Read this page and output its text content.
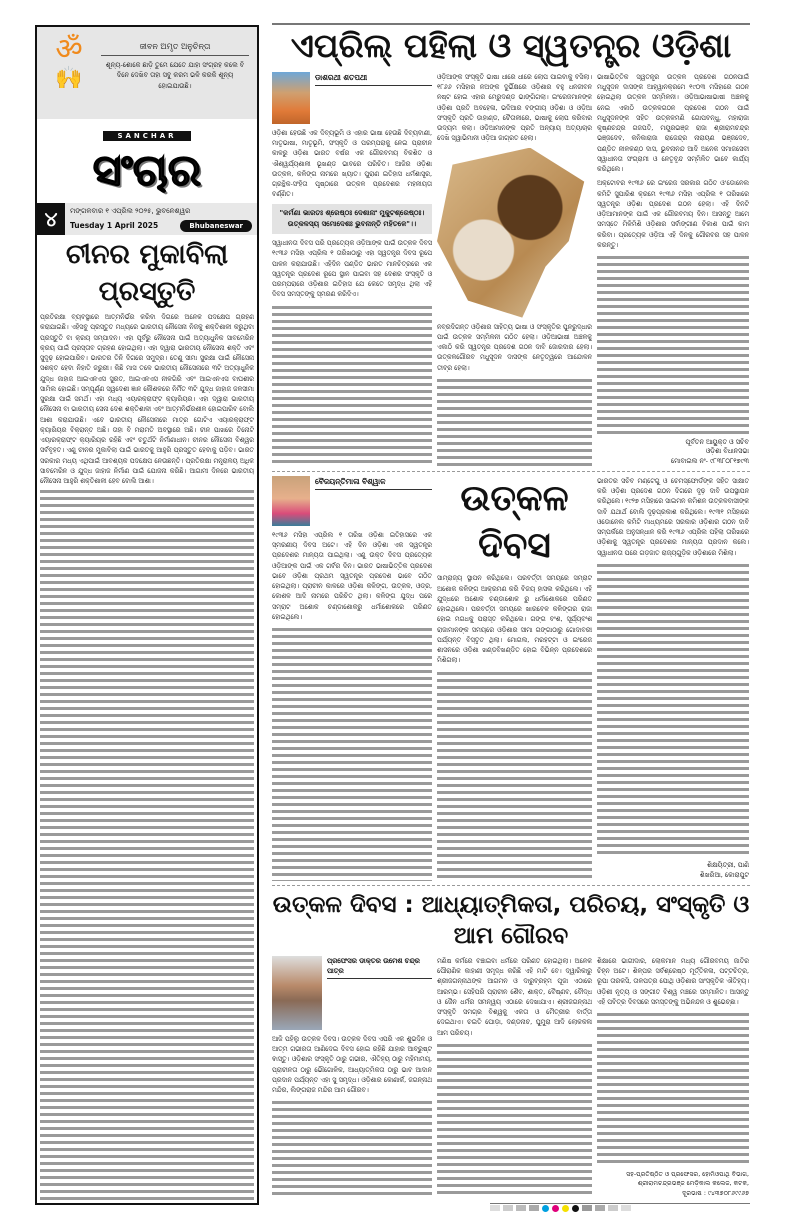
ॐ
🙌
ଜୀବନ ଅମୃତ ଅନୁଚିନ୍ତା
ଶୂନ୍ୟ-ଶୋକେ ଛାଡ଼ି ତୁମେ ଯେତେ ଯାହା ସଂଗ୍ରହ କଲେ ବି ଦିନେ ଦେଖିବ ତାହା ସବୁ କରମ ଭଳି କରକି ଶୂନ୍ୟ ହୋଇଯାଉଛି।
SANCHAR
ସଂଚାର
୪	ମଙ୍ଗଳବାର ୧ ଏପ୍ରିଲ ୨୦୨୫, ଭୁବନେଶ୍ୱର
Tuesday 1 April 2025	Bhubaneswar
ଚୀନର ମୁକାବିଲା ପ୍ରସ୍ତୁତି
ପ୍ରତିରକ୍ଷା ବ୍ୟବସ୍ଥାରେ ଆତ୍ମନିର୍ଭର କରିବା ଦିଗରେ ଅନେକ ପଦକ୍ଷେପ ଗ୍ରହଣ କରାଯାଇଛି। ଏହିସବୁ ପ୍ରସ୍ତୁତ ମଧ୍ୟରେ ଭାରତୀୟ ନୌସେନା ନିଜକୁ ଶକ୍ତିଶାଳୀ କରୁଥିବା ପ୍ରସ୍ତୁତି ବା କ୍ରୟ ସମ୍ପାଦନ। ଏହା ପୂର୍ବରୁ ନୌସେନା ପାଇଁ ଅତ୍ୟାଧୁନିକ ସାବମେରିନ କ୍ରୟ ପାଇଁ ପ୍ରସ୍ତାବ ଗ୍ରହଣ ହୋଇଥିଲା। ଏହା ଦ୍ୱାରା ଭାରତୀୟ ନୌସେନା ଶକ୍ତି ଏବଂ ସୁଦୃଢ଼ ହୋଇପାରିବ। ଭାରତର ତିନି ଦିଗରେ ସମୁଦ୍ର। ତେଣୁ ସୀମା ସୁରକ୍ଷା ପାଇଁ ନୌସେନା ସଶକ୍ତ ହେବା ନିହାତି ଜରୁରୀ। କିଛି ମାସ ତଳେ ଭାରତୀୟ ନୌସେନାରେ ୩ଟି ଅତ୍ୟାଧୁନିକ ଯୁଦ୍ଧ ଜାହାଜ ଆଇଏନଏସ ସୁରତ, ଆଇଏନଏସ ନୀଳଗିରି ଏବଂ ଆଇଏନଏସ ବାଘଶୀର ସାମିଲ ହୋଇଛି। ସମ୍ପୂର୍ଣ୍ଣ ସ୍ୱଦେଶୀ ଜ୍ଞାନ କୌଶଳରେ ନିର୍ମିତ ୩ଟି ଯୁଦ୍ଧ ଜାହାଜ ଜଳସୀମା ସୁରକ୍ଷା ପାଇଁ ସମର୍ଥ। ଏହା ମଧ୍ୟ ଏୟାରକ୍ରାଫ୍ଟ କ୍ୟାରିୟର। ଏହା ଦ୍ୱାରା ଭାରତୀୟ ନୌସେନା ବା ଭାରତୀୟ ସେନା ଦେଶ ଶକ୍ତିଶାଳୀ ଏବଂ ଆତ୍ମନିର୍ଭରଶୀଳ ହୋଇପାରିବ ବୋଲି ଆଶା କରାଯାଉଛି। ଏବେ ଭାରତୀୟ ନୌସେନାରେ ମାତ୍ର ଗୋଟିଏ ଏୟାରକ୍ରାଫ୍ଟ କ୍ୟାରିୟର ବିକ୍ରାନ୍ତ ଅଛି। ତାହା ବି ମରାମତି ଅବସ୍ଥାରେ ଅଛି। ଚୀନ ପାଖରେ ତିନୋଟି ଏୟାରକ୍ରାଫ୍ଟ କ୍ୟାରିୟର ରହିଛି ଏବଂ ଚତୁର୍ଥଟି ନିର୍ମାଣାଧୀନ। ଚୀନର ନୌସେନା ବିଶ୍ୱର ସର୍ବବୃହତ। ଏଣୁ ଚୀନର ମୁକାବିଲା ପାଇଁ ଭାରତକୁ ଆହୁରି ପ୍ରସ୍ତୁତ ହେବାକୁ ପଡ଼ିବ। ଭାରତ ସରକାର ମଧ୍ୟ ଏଥିପାଇଁ ଆବଶ୍ୟକ ପଦକ୍ଷେପ ନେଉଛନ୍ତି। ପ୍ରତିରକ୍ଷା ମନ୍ତ୍ରାଳୟ ଅଧିକ ସାବମେରିନ ଓ ଯୁଦ୍ଧ ଜାହାଜ ନିର୍ମାଣ ପାଇଁ ଯୋଜନା କରିଛି। ଆଗାମୀ ଦିନରେ ଭାରତୀୟ ନୌସେନା ଆହୁରି ଶକ୍ତିଶାଳୀ ହେବ ବୋଲି ଆଶା।
ଏପ୍ରିଲ୍ ପହିଲା ଓ ସ୍ୱତନ୍ତ୍ର ଓଡ଼ିଶା
ଡାଶରଥୀ ଶତପଥୀ
ଓଡ଼ିଶା ହେଉଛି ଏକ ଦିବ୍ୟଭୂମି ଓ ଏହାର ଭାଷା ହେଉଛି ଦିବ୍ୟବାଣୀ, ମାତୃଭାଷା, ମାତୃଭୂମି, ସଂସ୍କୃତି ଓ ପରମ୍ପରାକୁ ନେଇ ପ୍ରାଚୀନ କାଳରୁ ଓଡ଼ିଶା ଭାରତ ବର୍ଷର ଏକ ଗୌରବମୟ ବିକଶିତ ଓ ଐଶ୍ୱର୍ଯ୍ୟଶାଳୀ ଭୂଖଣ୍ଡ ଭାବରେ ପରିଚିତ। ଆଜିର ଓଡ଼ିଶା ଉତ୍କଳ, କଳିଙ୍ଗ ନାମରେ ଖ୍ୟାତ। ପୁରାଣ ଇତିହାସ ଧର୍ମଶାସ୍ତ୍ର, ଗ୍ରନ୍ଥିକ-ସଂହିତା ପୃଷ୍ଠାରେ ଉତ୍କଳ ପ୍ରଦେଶର ମହନୀୟତା ବର୍ଣ୍ଣିତ।
"କର୍ମଣା ଭାରତଃ ଶ୍ରେଷ୍ଠଃ ଦେଶାନାଂ ମୁକୁଟଶ୍ରେଷ୍ଠଃ। ଉତ୍କଳସ୍ୟ ସମୋଦେଶଃ ଭୁବନାନ୍ତି ମହିତଳେ"।।
ସ୍ୱାଧୀନତା ଦିବସ ପରି ପ୍ରତ୍ୟେକ ଓଡ଼ିଆଙ୍କ ପାଇଁ ଉତ୍କଳ ଦିବସ ୧୯୩୬ ମସିହା ଏପ୍ରିଲ ୧ ତାରିଖଠାରୁ ଏହା ସ୍ୱତନ୍ତ୍ର ଦିବସ ରୂପେ ପାଳନ କରାଯାଉଛି। ଏହିଦିନ ପଣ୍ଡିତ ଭାରତ ମାନଚିତ୍ରରେ ଏକ ସ୍ୱତନ୍ତ୍ର ପ୍ରଦେଶ ରୂପେ ସ୍ଥାନ ପାଇବା ସହ ଦେଶର ସଂସ୍କୃତି ଓ ପରମ୍ପରାରେ ଓଡ଼ିଶାର ଇତିହାସ ଯେ କେତେ ସମୃଦ୍ଧ ଥିଲା ଏହି ଦିବସ ସମସ୍ତଙ୍କୁ ସ୍ମରଣ କରିଦିଏ।
ଓଡ଼ିଆଙ୍କ ସଂସ୍କୃତି ଭାଷା ଧୀରେ ଧୀରେ ଲୋପ ପାଇବାକୁ ବସିଲା। ୧୮୬୬ ମସିହାର ନଅଙ୍କ ଦୁର୍ଭିକ୍ଷରେ ଓଡ଼ିଶାର ବହୁ ଧନଜୀବନ ନଷ୍ଟ ହୋଇ ଏହାର ମେରୁଦଣ୍ଡ ଭାଙ୍ଗିଗଲା। ଇଂରେଜମାନଙ୍କ ଓଡ଼ିଶା ପ୍ରତି ଅବହେଳା, ଭଦିଆର ବଙ୍ଗୀୟ ଓଡ଼ିଶା ଓ ଓଡ଼ିଆ ସଂସ୍କୃତି ପ୍ରତି ଡାହାଣ୍ଡ, ଚୈତାଳୀରେ, ଭାଷାକୁ ଲୋପ କରିବାର ଉଦ୍ୟମ କଲା। ଓଡ଼ିଆମାନଙ୍କ ପ୍ରତି ଅନ୍ୟାୟ ଅତ୍ୟାଚାର ଦେଖି ସ୍ୱାଭିମାନୀ ଓଡ଼ିଆ ଜାଗ୍ରତ ହେଲା।
ନବ୍ରଦିଗନ୍ତ ଓଡ଼ିଶାର ସାହିତ୍ୟ ଭାଷା ଓ ସଂସ୍କୃତିର ପୁନରୁଦ୍ଧାର ପାଇଁ ଉତ୍କଳ ସମ୍ମିଳନୀ ଗଠିତ ହେଲା। ଓଡ଼ିଆଭାଷୀ ଅଞ୍ଚଳକୁ ଏକାଠି କରି ସ୍ୱତନ୍ତ୍ର ପ୍ରଦେଶ ଗଠନ ଦାବି ଜୋରଦାର ହେଲା। ଉତ୍କଳଗୌରବ ମଧୁସୂଦନ ଦାସଙ୍କ ନେତୃତ୍ୱରେ ଆନ୍ଦୋଳନ ତୀବ୍ର ହେଲା।
ଭାଷାଭିତ୍ତିକ ସ୍ୱତନ୍ତ୍ର ଉତ୍କଳ ପ୍ରଦେଶ ଗଠନପାଇଁ ମଧୁସୂଦନ ଦାସଙ୍କ ଆହ୍ୱାନକ୍ରମେ ୧୯୦୩ ମସିହାରେ ଗଠନ ହୋଇଥିଲା ଉତ୍କଳ ସମ୍ମିଳନୀ। ଓଡ଼ିଆଭାଷାଭାଷୀ ଅଞ୍ଚଳକୁ ନେଇ ଏକାଠି ଉତ୍କଳଗଠନ ପ୍ରଦେଶ ଗଠନ ପାଇଁ ମଧୁସୂଦନଙ୍କ ସହିତ ଉତ୍କଳମଣି ଗୋପବନ୍ଧୁ, ମହାରାଜା କୃଷ୍ଣଚନ୍ଦ୍ର ଗଜପତି, ମୟୂରଭଞ୍ଜ ରାଜା ଶ୍ରୀରାମଚନ୍ଦ୍ର ଭଞ୍ଜଦେବ, କନିକାରାଜା ରାଜେନ୍ଦ୍ର ନାରାୟଣ ଭଞ୍ଜଦେବ, ପଣ୍ଡିତ ନୀଳକଣ୍ଠ ଦାସ, ଭୁବନାନନ୍ଦ ଆଦି ଅନେକ ସମାଜସେବୀ ସ୍ୱାଧୀନତା ସଂଗ୍ରାମୀ ଓ ନେତୃବୃନ୍ଦ ସମ୍ମିଳିତ ଭାବେ କାର୍ଯ୍ୟ କରିଥିଲେ।
ଅକ୍ଟୋବର ୧୯୩୬ ରେ ଇଂରେଜ ସରକାର ଗଠିତ ଓ'ଡୋନେଲ କମିଟି ସୁପାରିଶ କ୍ରମେ ୧୯୩୬ ମସିହା ଏପ୍ରିଲ ୧ ତାରିଖରେ ସ୍ୱତନ୍ତ୍ର ଓଡ଼ିଶା ପ୍ରଦେଶ ଗଠନ ହେଲା। ଏହି ଦିନଟି ଓଡ଼ିଆମାନଙ୍କ ପାଇଁ ଏକ ଗୌରବମୟ ଦିନ। ଆସନ୍ତୁ ଆମେ ସମସ୍ତେ ମିଳିମିଶି ଓଡ଼ିଶାର ସର୍ବାଙ୍ଗୀଣ ବିକାଶ ପାଇଁ କାମ କରିବା। ପ୍ରତ୍ୟେକ ଓଡ଼ିଆ ଏହି ଦିନକୁ ଗୌରବର ସହ ପାଳନ କରନ୍ତୁ।
ପୂର୍ବତନ ଆୟୁକ୍ତ ଓ ସଚିବ
ଓଡ଼ିଶା ବିଧାନସଭା
ମୋବାଇଲ ନଂ- ୯୮୩୮୦୮୧୭୯୩
ବୈଜୟନ୍ତିମାଳା ବିଶ୍ୱାଳ
୧୯୩୬ ମସିହା ଏପ୍ରିଲ ୧ ତାରିଖ ଓଡ଼ିଶା ଇତିହାସରେ ଏକ ସ୍ମରଣୀୟ ଦିବସ ଅଟେ। ଏହି ଦିନ ଓଡ଼ିଶା ଏକ ସ୍ୱତନ୍ତ୍ର ପ୍ରଦେଶର ମାନ୍ୟତା ପାଇଥିଲା। ଏଣୁ ଉକ୍ତ ଦିବସ ପ୍ରତ୍ୟେକ ଓଡ଼ିଆଙ୍କ ପାଇଁ ଏକ ଗର୍ବର ଦିନ। ଭାରତ ଭାଷାଭିତ୍ତିକ ପ୍ରଦେଶ ଭାବେ ଓଡ଼ିଶା ପ୍ରଥମ ସ୍ୱତନ୍ତ୍ର ପ୍ରଦେଶ ଭାବେ ଗଠିତ ହୋଇଥିଲା। ପ୍ରାଚୀନ କାଳରେ ଓଡ଼ିଶା କଳିଙ୍ଗ, ଉତ୍କଳ, ଓଡ୍ର, କୋଶଳ ଆଦି ନାମରେ ପରିଚିତ ଥିଲା। କଳିଙ୍ଗ ଯୁଦ୍ଧ ପରେ ସମ୍ରାଟ ଅଶୋକ ଚଣ୍ଡାଶୋକରୁ ଧର୍ମାଶୋକରେ ପରିଣତ ହୋଇଥିଲେ।
ଉତ୍କଳ ଦିବସ
ସାମ୍ରାଜ୍ୟ ସ୍ଥାପନ କରିଥିଲେ। ପରବର୍ତ୍ତୀ ସମୟରେ ସମ୍ରାଟ ଅଶୋକ କଳିଙ୍ଗ ଆକ୍ରମଣ କରି ବିଜୟ ହାସଲ କରିଥିଲେ। ଏହି ଯୁଦ୍ଧରେ ଅଶୋକ ଚଣ୍ଡାଶୋକ ରୁ ଧର୍ମାଶୋକରେ ପରିଣତ ହୋଇଥିଲେ। ପରବର୍ତ୍ତୀ ସମୟରେ ଖାରବେଳ କଳିଙ୍ଗର ରାଜା ହୋଇ ମଗଧକୁ ପରାସ୍ତ କରିଥିଲେ। ଗଙ୍ଗ ବଂଶ, ସୂର୍ଯ୍ୟବଂଶ ରାଜାମାନଙ୍କ ସମୟରେ ଓଡ଼ିଶାର ସୀମା ଗଙ୍ଗାଠାରୁ ଗୋଦାବରୀ ପର୍ଯ୍ୟନ୍ତ ବିସ୍ତୃତ ଥିଲା। ମୋଗଲ, ମରହଟ୍ଟା ଓ ଇଂରେଜ ଶାସନରେ ଓଡ଼ିଶା ଖଣ୍ଡବିଖଣ୍ଡିତ ହୋଇ ବିଭିନ୍ନ ପ୍ରଦେଶରେ ମିଶିଗଲା।
ଭାରତର ସଚିବ ମଣ୍ଟେଗୁ ଓ ଚେମସ୍‌ଫୋର୍ଡଙ୍କ ସହିତ ସାକ୍ଷାତ କରି ଓଡ଼ିଶା ପ୍ରଦେଶ ଗଠନ ଦିଗରେ ଦୃଢ଼ ଦାବି ଉପସ୍ଥାପନ କରିଥିଲେ। ୧୯୨୭ ମସିହାରେ ସାଇମନ କମିଶନ ଉତ୍କଳବାସୀଙ୍କ ଦାବି ଯଥାର୍ଥ ବୋଲି ଦୃଢ଼ପ୍ରକାଶ କରିଥିଲେ। ୧୯୩୧ ମସିହାରେ ଓଡୋନେଲ କମିଟି ମାଧ୍ୟମରେ ସରକାର ଓଡ଼ିଶାର ଗଠନ ଦାବି ସମ୍ପର୍କରେ ଅନୁସନ୍ଧାନ କରି ୧୯୩୬ ଏପ୍ରିଲ ପହିଲା ତାରିଖରେ ଓଡ଼ିଶାକୁ ସ୍ୱତନ୍ତ୍ର ପ୍ରଦେଶର ମାନ୍ୟତା ପ୍ରଦାନ କଲେ। ସ୍ୱାଧୀନତା ପରେ ଗଡ଼ଜାତ ରାଜ୍ୟଗୁଡ଼ିକ ଓଡ଼ିଶାରେ ମିଶିଲା।
ଶିକ୍ଷୟିତ୍ରୀ, ପାଣି
ଶିଖରିଆ, କୋରାପୁଟ
ଉତ୍କଳ ଦିବସ : ଆଧ୍ୟାତ୍ମିକତା, ପରିଚୟ, ସଂସ୍କୃତି ଓ ଆମ ଗୌରବ
ପ୍ରଫେସର ଡାକ୍ତର ଉମେଶ ଚନ୍ଦ୍ର ପାତ୍ର
ଆଜି ପହିଲୁ ଉତ୍କଳ ଦିବସ। ଉତ୍କଳ ଦିବସ ଏପରି ଏକ ଶୁଭଦିନ ଓ ଆତ୍ମ ଗଭୀରତା ଆଣିଦେଇ ଦିବସ ହୋଇ ରହିଛି ଯାହାର ଆବ୍ରୁଷ୍ଟ ଵାସ୍ତୁ। ଓଡ଼ିଶାର ସଂସ୍କୃତି ଠାରୁ ଗଭୀର, ଐତିହ୍ୟ ଠାରୁ ମହିମାମୟ, ପ୍ରାଚୀନତା ଠାରୁ ଭୌଗୋଳିକ, ଆଧ୍ୟାତ୍ମିକତା ଠାରୁ ଭାବ ଆଦାନ ପ୍ରଦାନ ପର୍ଯ୍ୟନ୍ତ ଏହା ସୁ ସମୃଦ୍ଧ। ଓଡ଼ିଶାର କୋଣାର୍କ, ଜଗନ୍ନାଥ ମନ୍ଦିର, ଲିଙ୍ଗରାଜ ମନ୍ଦିର ଆମ ଗୌରବ।
ମଣିଷ କର୍ମରେ ବଞ୍ଚାଇବା ଧର୍ମରେ ପରିଣତ ହୋଇଥିଲା। ଅନେକ ପୌରାଣିକ କାହାଣୀ ସମୃଦ୍ଧ କରିଛି ଏହି ମାଟି ବେ। ଦ୍ୱାରିକାରୁ ଶ୍ରୀଜଗନ୍ନାଥଙ୍କ ଆଗମନ ଓ ଦାରୁବ୍ରହ୍ମ ପୂଜା ଏଠାରେ ଆରମ୍ଭ। ସେହିପରି ପ୍ରାଚୀନ ଶୈବ, ଶାକ୍ତ, ବୈଷ୍ଣବ, ବୌଦ୍ଧ ଓ ଜୈନ ଧର୍ମର ସମନ୍ୱୟ ଏଠାରେ ଦେଖାଯାଏ। ଶ୍ରୀଜଗନ୍ନାଥ ସଂସ୍କୃତି ସମଗ୍ର ବିଶ୍ୱକୁ ଏକତା ଓ ମୈତ୍ରୀର ବାର୍ତ୍ତା ଦେଇଥାଏ। ଚଇତି ଘୋଡ଼ା, ଦଣ୍ଡନାଚ, ଘୁମୁରା ଆଦି ଲୋକକଳା ଆମ ପରିଚୟ।
ଶିକ୍ଷାରେ ଭାଗୀଦାର, ଲୋକମାନ ମଧ୍ୟ ଗୌରବମୟ ଜାତିର ଚିହ୍ନ ଅଟେ। ଶିଳ୍ପର ସର୍ବଶ୍ରେଷ୍ଠ ମୂର୍ତ୍ତିକଳା, ପଟ୍ଟଚିତ୍ର, ରୂପା ତାରକସି, ତାଳପତ୍ର ପୋଥି ଓଡ଼ିଶାର ସାଂସ୍କୃତିକ ଐତିହ୍ୟ। ଓଡ଼ିଶୀ ନୃତ୍ୟ ଓ ସଙ୍ଗୀତ ବିଶ୍ୱ ମଞ୍ଚରେ ସମ୍ମାନିତ। ଆସନ୍ତୁ ଏହି ପବିତ୍ର ଦିବସରେ ସମସ୍ତଙ୍କୁ ଅଭିନନ୍ଦନ ଓ ଶୁଭେଚ୍ଛା।
ସହ-ପ୍ରତିଷ୍ଠିତ ଓ ପ୍ରଫେସର, ହୋମିଓପାଥି ବିଭାଗ,
ଶ୍ରୀରାମଚନ୍ଦ୍ରଭଞ୍ଜ ମେଡ଼ିକାଲ କଲେଜ, କଟକ,
ଦୂରଭାଷ : ୯୪୩୭୦୮୬୯୯୬୭
